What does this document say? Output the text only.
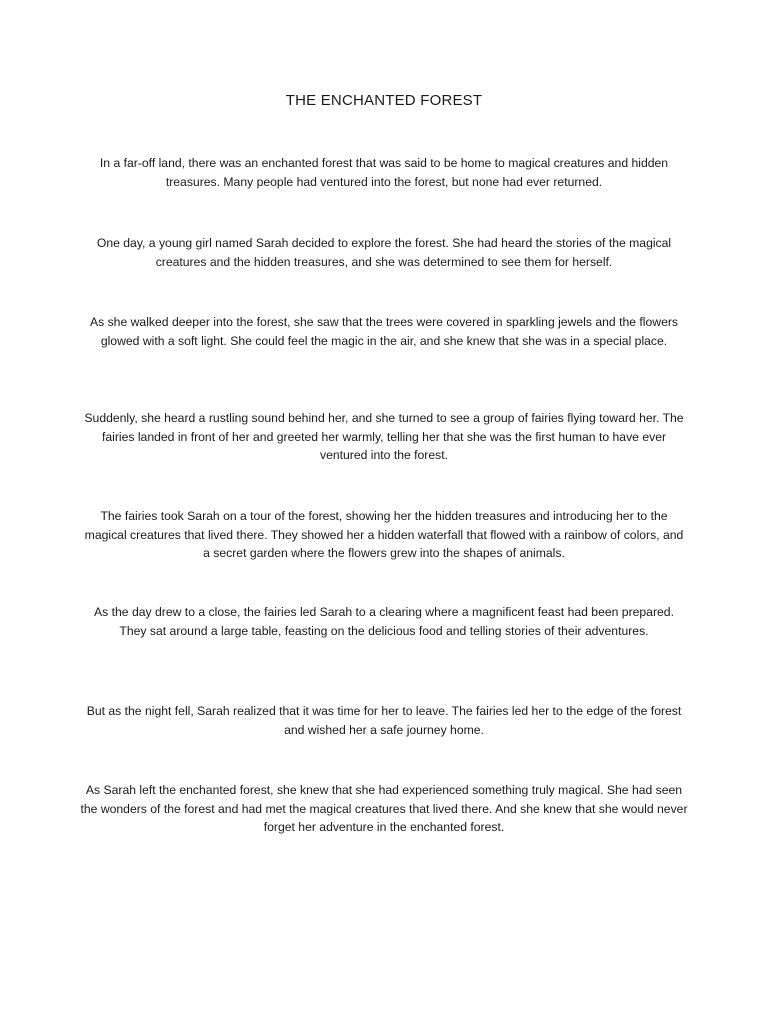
THE ENCHANTED FOREST

In a far-off land, there was an enchanted forest that was said to be home to magical creatures and hidden treasures. Many people had ventured into the forest, but none had ever returned.

One day, a young girl named Sarah decided to explore the forest. She had heard the stories of the magical creatures and the hidden treasures, and she was determined to see them for herself.

As she walked deeper into the forest, she saw that the trees were covered in sparkling jewels and the flowers glowed with a soft light. She could feel the magic in the air, and she knew that she was in a special place.

Suddenly, she heard a rustling sound behind her, and she turned to see a group of fairies flying toward her. The fairies landed in front of her and greeted her warmly, telling her that she was the first human to have ever ventured into the forest.

The fairies took Sarah on a tour of the forest, showing her the hidden treasures and introducing her to the magical creatures that lived there. They showed her a hidden waterfall that flowed with a rainbow of colors, and a secret garden where the flowers grew into the shapes of animals.

As the day drew to a close, the fairies led Sarah to a clearing where a magnificent feast had been prepared. They sat around a large table, feasting on the delicious food and telling stories of their adventures.

But as the night fell, Sarah realized that it was time for her to leave. The fairies led her to the edge of the forest and wished her a safe journey home.

As Sarah left the enchanted forest, she knew that she had experienced something truly magical. She had seen the wonders of the forest and had met the magical creatures that lived there. And she knew that she would never forget her adventure in the enchanted forest.
